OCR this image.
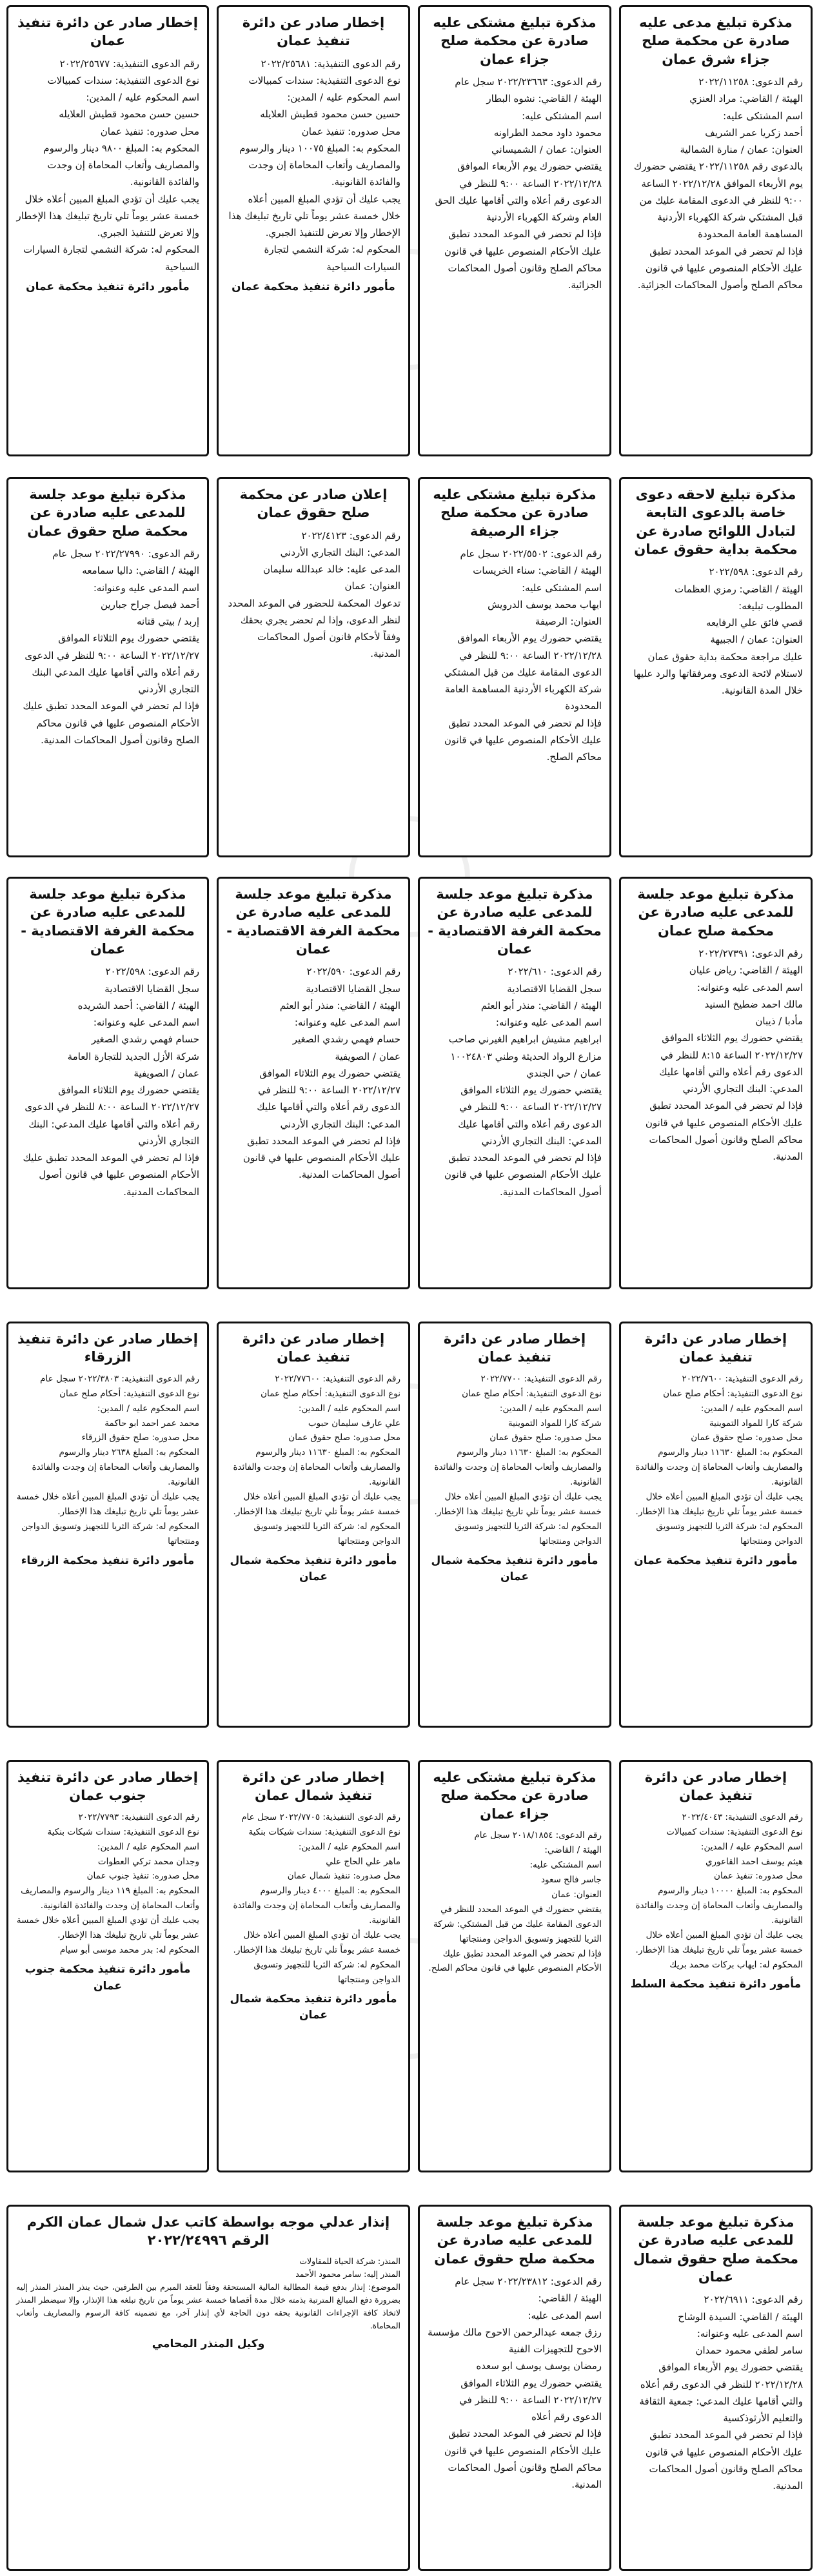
مذكرة تبليغ مدعى عليه صادرة عن محكمة صلح جزاء شرق عمان
رقم الدعوى: ٢٠٢٢/١١٢٥٨
الهيئة / القاضي: مراد العنزي
اسم المشتكى عليه:
أحمد زكريا عمر الشريف
العنوان: عمان / منارة الشمالية
بالدعوى رقم ٢٠٢٢/١١٢٥٨ يقتضي حضورك يوم الأربعاء الموافق ٢٠٢٢/١٢/٢٨ الساعة ٩:٠٠ للنظر في الدعوى المقامة عليك من قبل المشتكي شركة الكهرباء الأردنية المساهمة العامة المحدودة
فإذا لم تحضر في الموعد المحدد تطبق عليك الأحكام المنصوص عليها في قانون محاكم الصلح وأصول المحاكمات الجزائية.
مذكرة تبليغ مشتكى عليه صادرة عن محكمة صلح جزاء عمان
رقم الدعوى: ٢٠٢٢/٢٣٦٦٣ سجل عام
الهيئة / القاضي: نشوه البطار
اسم المشتكى عليه:
محمود داود محمد الطراونه
العنوان: عمان / الشميساني
يقتضي حضورك يوم الأربعاء الموافق ٢٠٢٢/١٢/٢٨ الساعة ٩:٠٠ للنظر في الدعوى رقم أعلاه والتي أقامها عليك الحق العام وشركة الكهرباء الأردنية
فإذا لم تحضر في الموعد المحدد تطبق عليك الأحكام المنصوص عليها في قانون محاكم الصلح وقانون أصول المحاكمات الجزائية.
إخطار صادر عن دائرة تنفيذ عمان
رقم الدعوى التنفيذية: ٢٠٢٢/٢٥٦٨١
نوع الدعوى التنفيذية: سندات كمبيالات
اسم المحكوم عليه / المدين:
حسين حسن محمود قطيش العلايله
محل صدوره: تنفيذ عمان
المحكوم به: المبلغ ١٠٠٧٥ دينار والرسوم والمصاريف وأتعاب المحاماة إن وجدت والفائدة القانونية.
يجب عليك أن تؤدي المبلغ المبين أعلاه خلال خمسة عشر يوماً تلي تاريخ تبليغك هذا الإخطار وإلا تعرض للتنفيذ الجبري.
المحكوم له: شركة النشمي لتجارة السيارات السياحية
مأمور دائرة تنفيذ محكمة عمان
إخطار صادر عن دائرة تنفيذ عمان
رقم الدعوى التنفيذية: ٢٠٢٢/٢٥٦٧٧
نوع الدعوى التنفيذية: سندات كمبيالات
اسم المحكوم عليه / المدين:
حسين حسن محمود قطيش العلايله
محل صدوره: تنفيذ عمان
المحكوم به: المبلغ ٩٨٠٠ دينار والرسوم والمصاريف وأتعاب المحاماة إن وجدت والفائدة القانونية.
يجب عليك أن تؤدي المبلغ المبين أعلاه خلال خمسة عشر يوماً تلي تاريخ تبليغك هذا الإخطار وإلا تعرض للتنفيذ الجبري.
المحكوم له: شركة النشمي لتجارة السيارات السياحية
مأمور دائرة تنفيذ محكمة عمان
مذكرة تبليغ لاحقه دعوى خاصة بالدعوى التابعة لتبادل اللوائح صادرة عن محكمة بداية حقوق عمان
رقم الدعوى: ٢٠٢٢/٥٩٨
الهيئة / القاضي: رمزي العظمات
المطلوب تبليغه:
قصي فائق علي الرفايعه
العنوان: عمان / الجبيهة
عليك مراجعة محكمة بداية حقوق عمان لاستلام لائحة الدعوى ومرفقاتها والرد عليها خلال المدة القانونية.
مذكرة تبليغ مشتكى عليه صادرة عن محكمة صلح جزاء الرصيفة
رقم الدعوى: ٢٠٢٢/٥٥٠٢ سجل عام
الهيئة / القاضي: سناء الخريسات
اسم المشتكى عليه:
ايهاب محمد يوسف الدرويش
العنوان: الرصيفة
يقتضي حضورك يوم الأربعاء الموافق ٢٠٢٢/١٢/٢٨ الساعة ٩:٠٠ للنظر في الدعوى المقامة عليك من قبل المشتكي شركة الكهرباء الأردنية المساهمة العامة المحدودة
فإذا لم تحضر في الموعد المحدد تطبق عليك الأحكام المنصوص عليها في قانون محاكم الصلح.
إعلان صادر عن محكمة صلح حقوق عمان
رقم الدعوى: ٢٠٢٢/٤١٢٣
المدعي: البنك التجاري الأردني
المدعى عليه: خالد عبدالله سليمان
العنوان: عمان
تدعوك المحكمة للحضور في الموعد المحدد لنظر الدعوى، وإذا لم تحضر يجري بحقك وفقاً لأحكام قانون أصول المحاكمات المدنية.
مذكرة تبليغ موعد جلسة للمدعى عليه صادرة عن محكمة صلح حقوق عمان
رقم الدعوى: ٢٠٢٢/٢٧٩٩٠ سجل عام
الهيئة / القاضي: داليا سمامعه
اسم المدعى عليه وعنوانه:
أحمد فيصل جراح جبارين
إربد / بيتي قتانه
يقتضي حضورك يوم الثلاثاء الموافق ٢٠٢٢/١٢/٢٧ الساعة ٩:٠٠ للنظر في الدعوى رقم أعلاه والتي أقامها عليك المدعي البنك التجاري الأردني
فإذا لم تحضر في الموعد المحدد تطبق عليك الأحكام المنصوص عليها في قانون محاكم الصلح وقانون أصول المحاكمات المدنية.
مذكرة تبليغ موعد جلسة للمدعى عليه صادرة عن محكمة صلح عمان
رقم الدعوى: ٢٠٢٢/٢٧٣٩١
الهيئة / القاضي: رياض عليان
اسم المدعى عليه وعنوانه:
مالك احمد ضطيخ السنيد
مأدبا / ذيبان
يقتضي حضورك يوم الثلاثاء الموافق ٢٠٢٢/١٢/٢٧ الساعة ٨:١٥ للنظر في الدعوى رقم أعلاه والتي أقامها عليك المدعي: البنك التجاري الأردني
فإذا لم تحضر في الموعد المحدد تطبق عليك الأحكام المنصوص عليها في قانون محاكم الصلح وقانون أصول المحاكمات المدنية.
مذكرة تبليغ موعد جلسة للمدعى عليه صادرة عن محكمة الغرفة الاقتصادية - عمان
رقم الدعوى: ٢٠٢٢/٦١٠
سجل القضايا الاقتصادية
الهيئة / القاضي: منذر أبو العثم
اسم المدعى عليه وعنوانه:
ابراهيم مشيش ابراهيم الغيرني صاحب مزارع الرواد الحديثة وطني ١٠٠٢٤٨٠٣
عمان / حي الجندي
يقتضي حضورك يوم الثلاثاء الموافق ٢٠٢٢/١٢/٢٧ الساعة ٩:٠٠ للنظر في الدعوى رقم أعلاه والتي أقامها عليك المدعي: البنك التجاري الأردني
فإذا لم تحضر في الموعد المحدد تطبق عليك الأحكام المنصوص عليها في قانون أصول المحاكمات المدنية.
مذكرة تبليغ موعد جلسة للمدعى عليه صادرة عن محكمة الغرفة الاقتصادية - عمان
رقم الدعوى: ٢٠٢٢/٥٩٠
سجل القضايا الاقتصادية
الهيئة / القاضي: منذر أبو العثم
اسم المدعى عليه وعنوانه:
حسام فهمي رشدي الصغير
عمان / الصويفية
يقتضي حضورك يوم الثلاثاء الموافق ٢٠٢٢/١٢/٢٧ الساعة ٩:٠٠ للنظر في الدعوى رقم أعلاه والتي أقامها عليك المدعي: البنك التجاري الأردني
فإذا لم تحضر في الموعد المحدد تطبق عليك الأحكام المنصوص عليها في قانون أصول المحاكمات المدنية.
مذكرة تبليغ موعد جلسة للمدعى عليه صادرة عن محكمة الغرفة الاقتصادية - عمان
رقم الدعوى: ٢٠٢٢/٥٩٨
سجل القضايا الاقتصادية
الهيئة / القاضي: أحمد الشريده
اسم المدعى عليه وعنوانه:
حسام فهمي رشدي الصغير
شركة الأزل الجديد للتجارة العامة
عمان / الصويفية
يقتضي حضورك يوم الثلاثاء الموافق ٢٠٢٢/١٢/٢٧ الساعة ٨:٠٠ للنظر في الدعوى رقم أعلاه والتي أقامها عليك المدعي: البنك التجاري الأردني
فإذا لم تحضر في الموعد المحدد تطبق عليك الأحكام المنصوص عليها في قانون أصول المحاكمات المدنية.
إخطار صادر عن دائرة تنفيذ عمان
رقم الدعوى التنفيذية: ٢٠٢٢/٧٦٠٠
نوع الدعوى التنفيذية: أحكام صلح عمان
اسم المحكوم عليه / المدين:
شركة كارا للمواد التموينية
محل صدوره: صلح حقوق عمان
المحكوم به: المبلغ ١١٦٣٠ دينار والرسوم والمصاريف وأتعاب المحاماة إن وجدت والفائدة القانونية.
يجب عليك أن تؤدي المبلغ المبين أعلاه خلال خمسة عشر يوماً تلي تاريخ تبليغك هذا الإخطار.
المحكوم له: شركة الثريا للتجهيز وتسويق الدواجن ومنتجاتها
مأمور دائرة تنفيذ محكمة عمان
إخطار صادر عن دائرة تنفيذ عمان
رقم الدعوى التنفيذية: ٢٠٢٢/٧٧٠٠
نوع الدعوى التنفيذية: أحكام صلح عمان
اسم المحكوم عليه / المدين:
شركة كارا للمواد التموينية
محل صدوره: صلح حقوق عمان
المحكوم به: المبلغ ١١٦٣٠ دينار والرسوم والمصاريف وأتعاب المحاماة إن وجدت والفائدة القانونية.
يجب عليك أن تؤدي المبلغ المبين أعلاه خلال خمسة عشر يوماً تلي تاريخ تبليغك هذا الإخطار.
المحكوم له: شركة الثريا للتجهيز وتسويق الدواجن ومنتجاتها
مأمور دائرة تنفيذ محكمة شمال عمان
إخطار صادر عن دائرة تنفيذ عمان
رقم الدعوى التنفيذية: ٢٠٢٢/٧٧٦٠٠
نوع الدعوى التنفيذية: أحكام صلح عمان
اسم المحكوم عليه / المدين:
علي عارف سليمان حبوب
محل صدوره: صلح حقوق عمان
المحكوم به: المبلغ ١١٦٣٠ دينار والرسوم والمصاريف وأتعاب المحاماة إن وجدت والفائدة القانونية.
يجب عليك أن تؤدي المبلغ المبين أعلاه خلال خمسة عشر يوماً تلي تاريخ تبليغك هذا الإخطار.
المحكوم له: شركة الثريا للتجهيز وتسويق الدواجن ومنتجاتها
مأمور دائرة تنفيذ محكمة شمال عمان
إخطار صادر عن دائرة تنفيذ الزرقاء
رقم الدعوى التنفيذية: ٢٠٢٢/٣٨٠٣ سجل عام
نوع الدعوى التنفيذية: أحكام صلح عمان
اسم المحكوم عليه / المدين:
محمد عمر احمد ابو حاكمة
محل صدوره: صلح حقوق الزرقاء
المحكوم به: المبلغ ٢٦٣٨ دينار والرسوم والمصاريف وأتعاب المحاماة إن وجدت والفائدة القانونية.
يجب عليك أن تؤدي المبلغ المبين أعلاه خلال خمسة عشر يوماً تلي تاريخ تبليغك هذا الإخطار.
المحكوم له: شركة الثريا للتجهيز وتسويق الدواجن ومنتجاتها
مأمور دائرة تنفيذ محكمة الزرقاء
إخطار صادر عن دائرة تنفيذ عمان
رقم الدعوى التنفيذية: ٢٠٢٢/٤٠٤٣
نوع الدعوى التنفيذية: سندات كمبيالات
اسم المحكوم عليه / المدين:
هيثم يوسف احمد القاعوري
محل صدوره: تنفيذ عمان
المحكوم به: المبلغ ١٠٠٠٠ دينار والرسوم والمصاريف وأتعاب المحاماة إن وجدت والفائدة القانونية.
يجب عليك أن تؤدي المبلغ المبين أعلاه خلال خمسة عشر يوماً تلي تاريخ تبليغك هذا الإخطار.
المحكوم له: ايهاب بركات محمد بريك
مأمور دائرة تنفيذ محكمة السلط
مذكرة تبليغ مشتكى عليه صادرة عن محكمة صلح جزاء عمان
رقم الدعوى: ٢٠١٨/١٨٥٤ سجل عام
الهيئة / القاضي:
اسم المشتكى عليه:
جاسر فالح سعود
العنوان: عمان
يقتضي حضورك في الموعد المحدد للنظر في الدعوى المقامة عليك من قبل المشتكي: شركة الثريا للتجهيز وتسويق الدواجن ومنتجاتها
فإذا لم تحضر في الموعد المحدد تطبق عليك الأحكام المنصوص عليها في قانون محاكم الصلح.
إخطار صادر عن دائرة تنفيذ شمال عمان
رقم الدعوى التنفيذية: ٢٠٢٢/٧٧٠٥ سجل عام
نوع الدعوى التنفيذية: سندات شيكات بنكية
اسم المحكوم عليه / المدين:
ماهر علي الحاج علي
محل صدوره: تنفيذ شمال عمان
المحكوم به: المبلغ ٤٠٠٠ دينار والرسوم والمصاريف وأتعاب المحاماة إن وجدت والفائدة القانونية.
يجب عليك أن تؤدي المبلغ المبين أعلاه خلال خمسة عشر يوماً تلي تاريخ تبليغك هذا الإخطار.
المحكوم له: شركة الثريا للتجهيز وتسويق الدواجن ومنتجاتها
مأمور دائرة تنفيذ محكمة شمال عمان
إخطار صادر عن دائرة تنفيذ جنوب عمان
رقم الدعوى التنفيذية: ٢٠٢٢/٧٧٩٣
نوع الدعوى التنفيذية: سندات شيكات بنكية
اسم المحكوم عليه / المدين:
وجدان محمد تركي العطوات
محل صدوره: تنفيذ جنوب عمان
المحكوم به: المبلغ ١١٩ دينار والرسوم والمصاريف وأتعاب المحاماة إن وجدت والفائدة القانونية.
يجب عليك أن تؤدي المبلغ المبين أعلاه خلال خمسة عشر يوماً تلي تاريخ تبليغك هذا الإخطار.
المحكوم له: بدر محمد موسى أبو سيام
مأمور دائرة تنفيذ محكمة جنوب عمان
مذكرة تبليغ موعد جلسة للمدعى عليه صادرة عن محكمة صلح حقوق شمال عمان
رقم الدعوى: ٢٠٢٢/٦٩١١
الهيئة / القاضي: السيدة الوشاح
اسم المدعى عليه وعنوانه:
سامر لطفي محمود حمدان
يقتضي حضورك يوم الأربعاء الموافق ٢٠٢٢/١٢/٢٨ للنظر في الدعوى رقم أعلاه والتي أقامها عليك المدعي: جمعية الثقافة والتعليم الأرثوذكسية
فإذا لم تحضر في الموعد المحدد تطبق عليك الأحكام المنصوص عليها في قانون محاكم الصلح وقانون أصول المحاكمات المدنية.
مذكرة تبليغ موعد جلسة للمدعى عليه صادرة عن محكمة صلح حقوق عمان
رقم الدعوى: ٢٠٢٢/٢٣٨١٢ سجل عام
الهيئة / القاضي:
اسم المدعى عليه:
رزق جمعه عبدالرحمن الاحوح مالك مؤسسة الاحوح للتجهيزات الفنية
رمضان يوسف يوسف ابو سعده
يقتضي حضورك يوم الثلاثاء الموافق ٢٠٢٢/١٢/٢٧ الساعة ٩:٠٠ للنظر في الدعوى رقم أعلاه
فإذا لم تحضر في الموعد المحدد تطبق عليك الأحكام المنصوص عليها في قانون محاكم الصلح وقانون أصول المحاكمات المدنية.
إنذار عدلي موجه بواسطة كاتب عدل شمال عمان الكرم الرقم ٢٠٢٢/٢٤٩٩٦
المنذر: شركة الحياة للمقاولات
المنذر إليه: سامر محمود الأحمد
الموضوع: إنذار بدفع قيمة المطالبة المالية المستحقة وفقاً للعقد المبرم بين الطرفين، حيث ينذر المنذر المنذر إليه بضرورة دفع المبالغ المترتبة بذمته خلال مدة أقصاها خمسة عشر يوماً من تاريخ تبلغه هذا الإنذار، وإلا سيضطر المنذر لاتخاذ كافة الإجراءات القانونية بحقه دون الحاجة لأي إنذار آخر، مع تضمينه كافة الرسوم والمصاريف وأتعاب المحاماة.
وكيل المنذر المحامي
